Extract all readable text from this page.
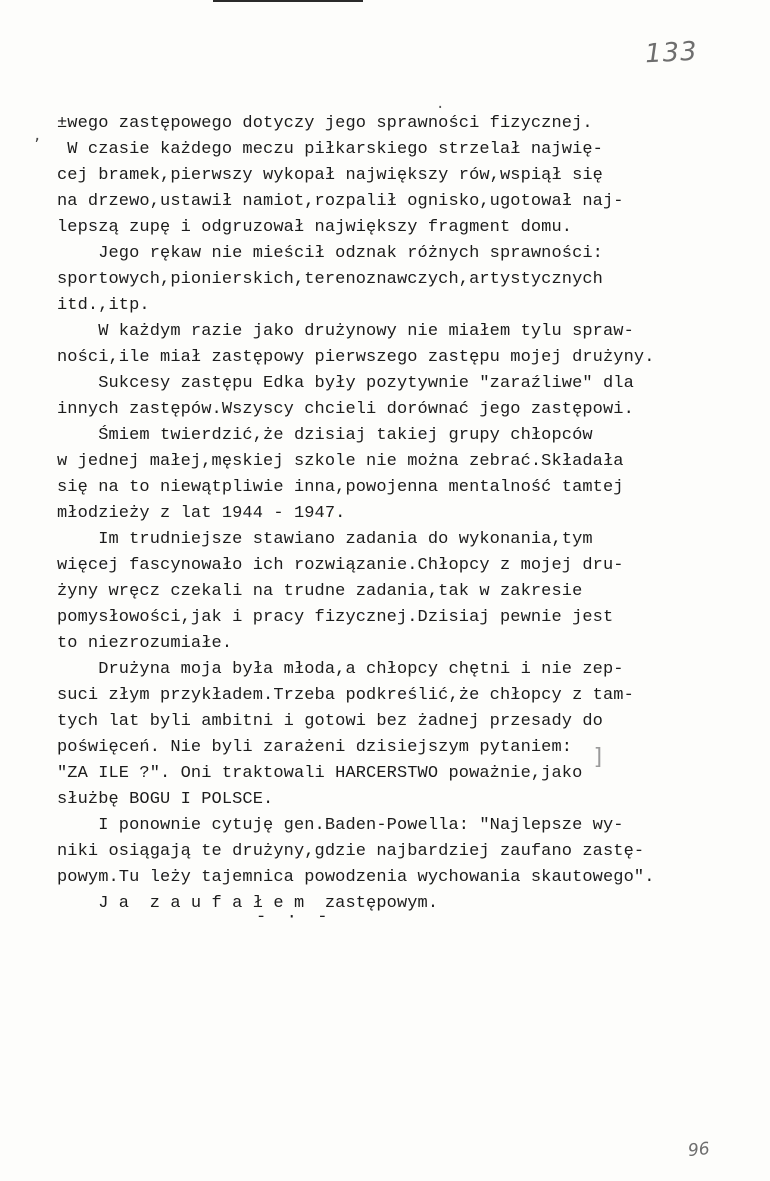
133
,
·
]
±wego zastępowego dotyczy jego sprawności fizycznej.
W czasie każdego meczu piłkarskiego strzelał najwię-
cej bramek,pierwszy wykopał największy rów,wspiął się
na drzewo,ustawił namiot,rozpalił ognisko,ugotował naj-
lepszą zupę i odgruzował największy fragment domu.
Jego rękaw nie mieścił odznak różnych sprawności:
sportowych,pionierskich,terenoznawczych,artystycznych
itd.,itp.
W każdym razie jako drużynowy nie miałem tylu spraw-
ności,ile miał zastępowy pierwszego zastępu mojej drużyny.
Sukcesy zastępu Edka były pozytywnie "zaraźliwe" dla
innych zastępów.Wszyscy chcieli dorównać jego zastępowi.
Śmiem twierdzić,że dzisiaj takiej grupy chłopców
w jednej małej,męskiej szkole nie można zebrać.Składała
się na to niewątpliwie inna,powojenna mentalność tamtej
młodzieży z lat 1944 - 1947.
Im trudniejsze stawiano zadania do wykonania,tym
więcej fascynowało ich rozwiązanie.Chłopcy z mojej dru-
żyny wręcz czekali na trudne zadania,tak w zakresie
pomysłowości,jak i pracy fizycznej.Dzisiaj pewnie jest
to niezrozumiałe.
Drużyna moja była młoda,a chłopcy chętni i nie zep-
suci złym przykładem.Trzeba podkreślić,że chłopcy z tam-
tych lat byli ambitni i gotowi bez żadnej przesady do
poświęceń. Nie byli zarażeni dzisiejszym pytaniem:
"ZA ILE ?". Oni traktowali HARCERSTWO poważnie,jako
służbę BOGU I POLSCE.
I ponownie cytuję gen.Baden-Powella: "Najlepsze wy-
niki osiągają te drużyny,gdzie najbardziej zaufano zastę-
powym.Tu leży tajemnica powodzenia wychowania skautowego".
J a  z a u f a ł e m  zastępowym.
-  ·  -
96
